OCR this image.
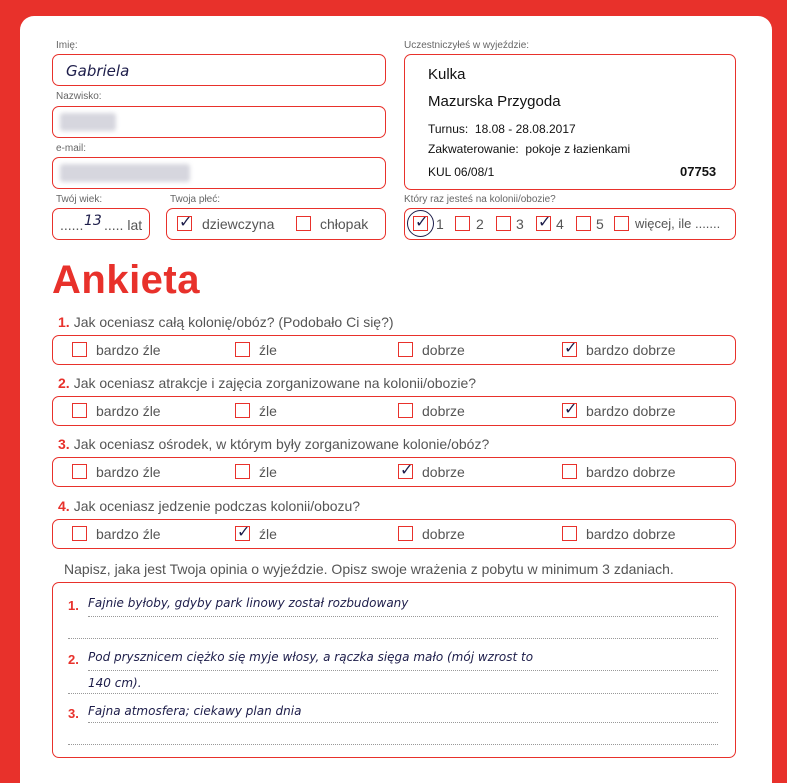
Imię:
Gabriela
Nazwisko:
e-mail:
Twój wiek:
...... 13 ..... lat
Twoja płeć:
✓ dziewczyna	chłopak
Uczestniczyłeś w wyjeździe:
Kulka
Mazurska Przygoda
Turnus: 18.08 - 28.08.2017
Zakwaterowanie: pokoje z łazienkami
KUL 06/08/1	07753
Który raz jesteś na kolonii/obozie?
✓ 1 2 3 ✓ 4 5 więcej, ile .......
Ankieta
1. Jak oceniasz całą kolonię/obóz? (Podobało Ci się?)
bardzo źle	źle	dobrze	✓ bardzo dobrze
2. Jak oceniasz atrakcje i zajęcia zorganizowane na kolonii/obozie?
bardzo źle	źle	dobrze	✓ bardzo dobrze
3. Jak oceniasz ośrodek, w którym były zorganizowane kolonie/obóz?
bardzo źle	źle	✓ dobrze	bardzo dobrze
4. Jak oceniasz jedzenie podczas kolonii/obozu?
bardzo źle	✓ źle	dobrze	bardzo dobrze
Napisz, jaka jest Twoja opinia o wyjeździe. Opisz swoje wrażenia z pobytu w minimum 3 zdaniach.
1. Fajnie byłoby, gdyby park linowy został rozbudowany
2. Pod prysznicem ciężko się myje włosy, a rączka sięga mało (mój wzrost to
140 cm).
3. Fajna atmosfera; ciekawy plan dnia
